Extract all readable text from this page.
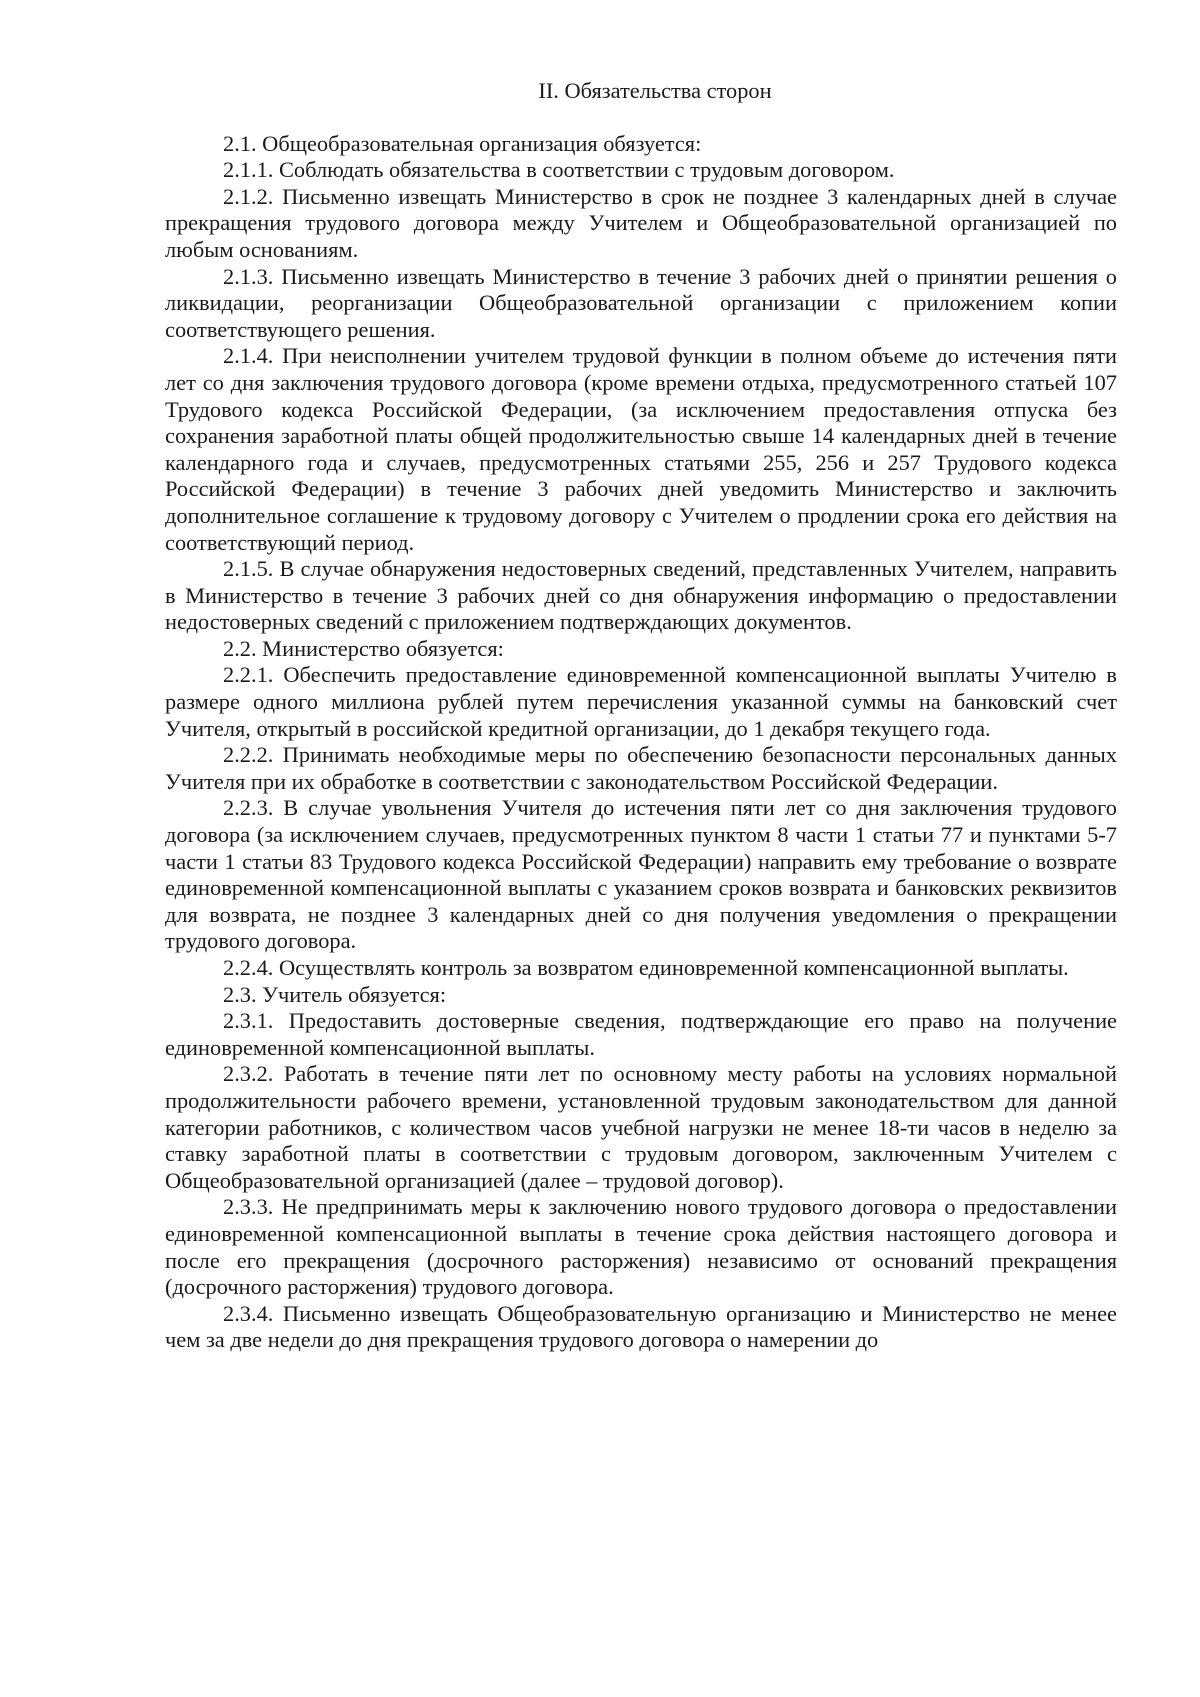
II. Обязательства сторон

2.1. Общеобразовательная организация обязуется:

2.1.1. Соблюдать обязательства в соответствии с трудовым договором.

2.1.2. Письменно извещать Министерство в срок не позднее 3 календарных дней в случае прекращения трудового договора между Учителем и Общеобразовательной организацией по любым основаниям.

2.1.3. Письменно извещать Министерство в течение 3 рабочих дней о принятии решения о ликвидации, реорганизации Общеобразовательной организации с приложением копии соответствующего решения.

2.1.4. При неисполнении учителем трудовой функции в полном объеме до истечения пяти лет со дня заключения трудового договора (кроме времени отдыха, предусмотренного статьей 107 Трудового кодекса Российской Федерации, (за исключением предоставления отпуска без сохранения заработной платы общей продолжительностью свыше 14 календарных дней в течение календарного года и случаев, предусмотренных статьями 255, 256 и 257 Трудового кодекса Российской Федерации) в течение 3 рабочих дней уведомить Министерство и заключить дополнительное соглашение к трудовому договору с Учителем о продлении срока его действия на соответствующий период.

2.1.5. В случае обнаружения недостоверных сведений, представленных Учителем, направить в Министерство в течение 3 рабочих дней со дня обнаружения информацию о предоставлении недостоверных сведений с приложением подтверждающих документов.

2.2. Министерство обязуется:

2.2.1. Обеспечить предоставление единовременной компенсационной выплаты Учителю в размере одного миллиона рублей путем перечисления указанной суммы на банковский счет Учителя, открытый в российской кредитной организации, до 1 декабря текущего года.

2.2.2. Принимать необходимые меры по обеспечению безопасности персональных данных Учителя при их обработке в соответствии с законодательством Российской Федерации.

2.2.3. В случае увольнения Учителя до истечения пяти лет со дня заключения трудового договора (за исключением случаев, предусмотренных пунктом 8 части 1 статьи 77 и пунктами 5-7 части 1 статьи 83 Трудового кодекса Российской Федерации) направить ему требование о возврате единовременной компенсационной выплаты с указанием сроков возврата и банковских реквизитов для возврата, не позднее 3 календарных дней со дня получения уведомления о прекращении трудового договора.

2.2.4. Осуществлять контроль за возвратом единовременной компенсационной выплаты.

2.3. Учитель обязуется:

2.3.1. Предоставить достоверные сведения, подтверждающие его право на получение единовременной компенсационной выплаты.

2.3.2. Работать в течение пяти лет по основному месту работы на условиях нормальной продолжительности рабочего времени, установленной трудовым законодательством для данной категории работников, с количеством часов учебной нагрузки не менее 18-ти часов в неделю за ставку заработной платы в соответствии с трудовым договором, заключенным Учителем с Общеобразовательной организацией (далее – трудовой договор).

2.3.3. Не предпринимать меры к заключению нового трудового договора о предоставлении единовременной компенсационной выплаты в течение срока действия настоящего договора и после его прекращения (досрочного расторжения) независимо от оснований прекращения (досрочного расторжения) трудового договора.

2.3.4. Письменно извещать Общеобразовательную организацию и Министерство не менее чем за две недели до дня прекращения трудового договора о намерении до
